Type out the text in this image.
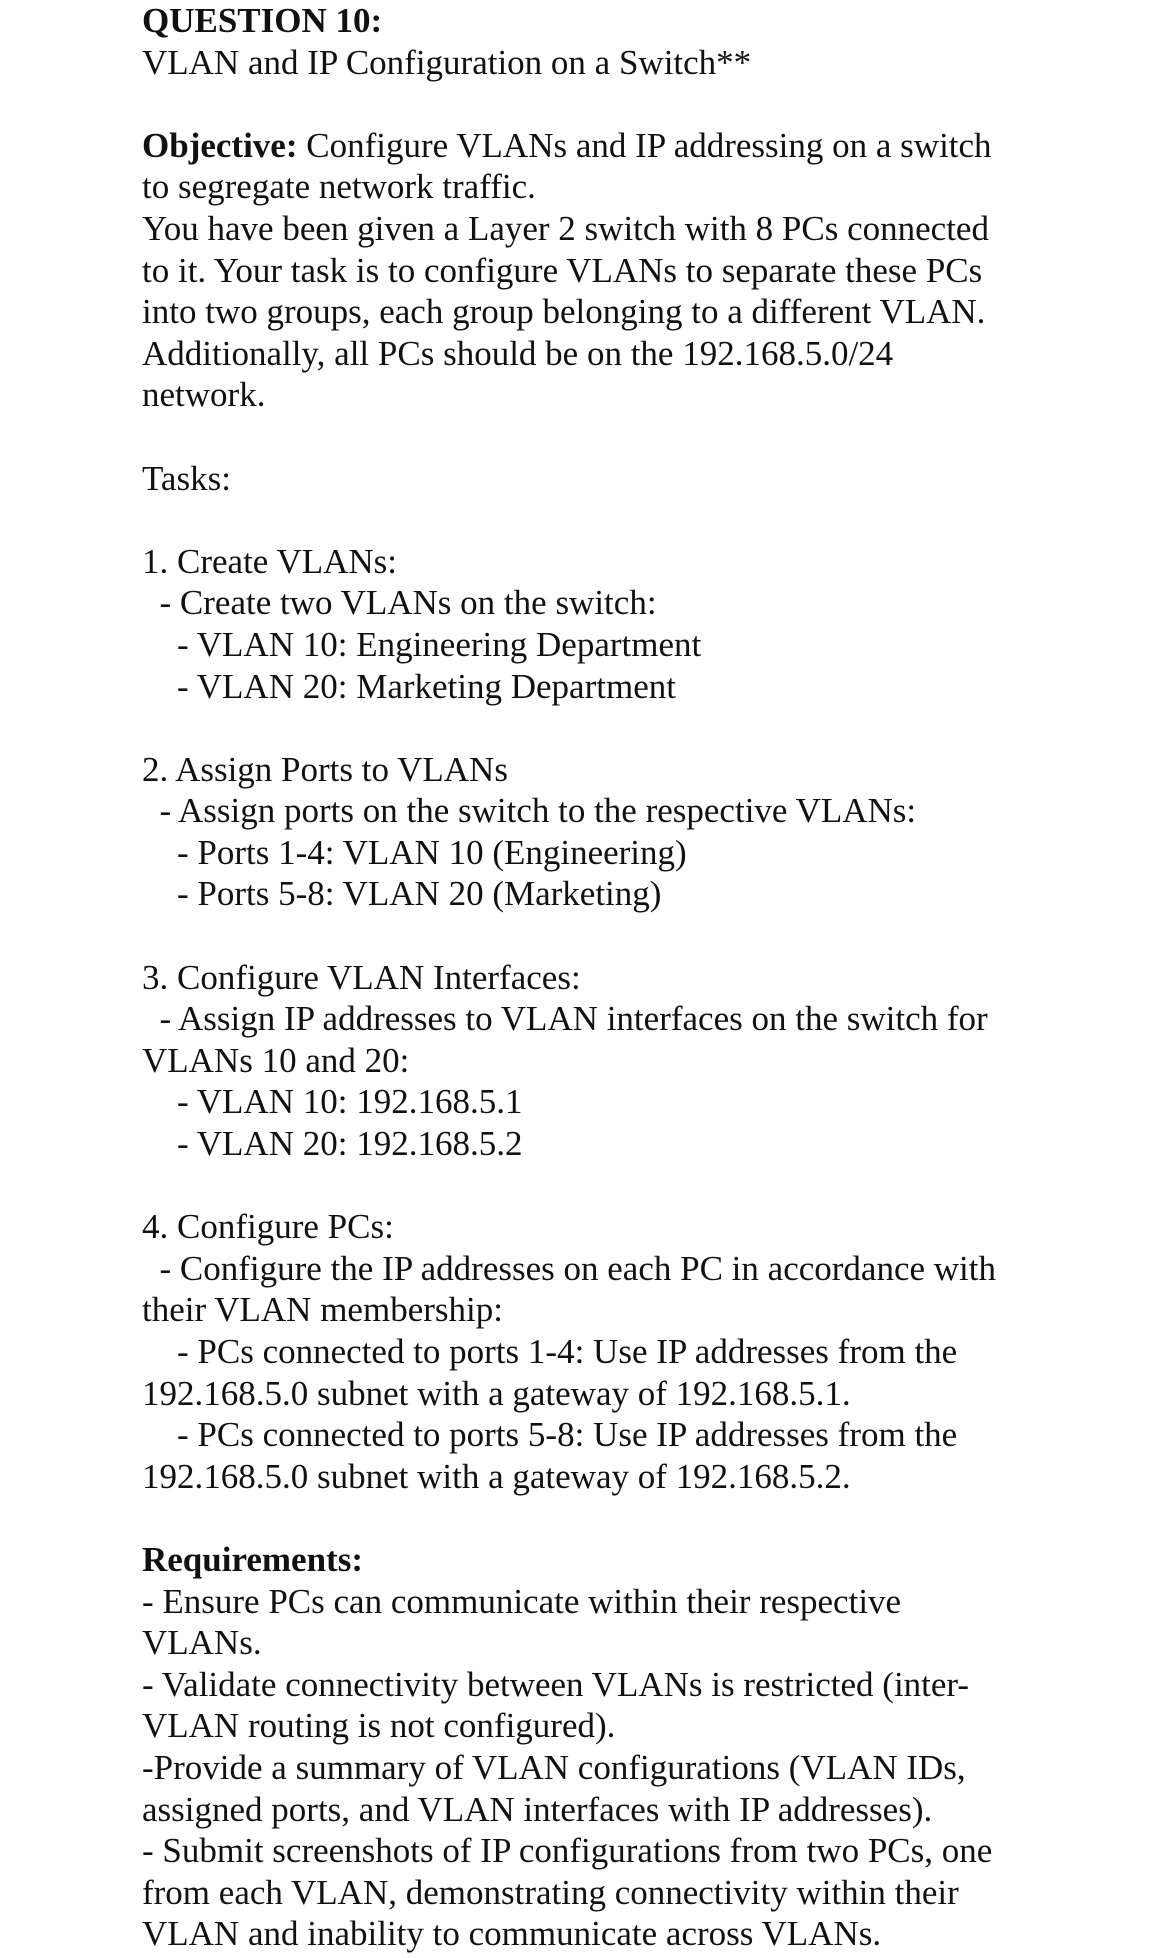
QUESTION 10:
VLAN and IP Configuration on a Switch**
Objective: Configure VLANs and IP addressing on a switch
to segregate network traffic.
You have been given a Layer 2 switch with 8 PCs connected
to it. Your task is to configure VLANs to separate these PCs
into two groups, each group belonging to a different VLAN.
Additionally, all PCs should be on the 192.168.5.0/24
network.
Tasks:
1. Create VLANs:
- Create two VLANs on the switch:
- VLAN 10: Engineering Department
- VLAN 20: Marketing Department
2. Assign Ports to VLANs
- Assign ports on the switch to the respective VLANs:
- Ports 1-4: VLAN 10 (Engineering)
- Ports 5-8: VLAN 20 (Marketing)
3. Configure VLAN Interfaces:
- Assign IP addresses to VLAN interfaces on the switch for
VLANs 10 and 20:
- VLAN 10: 192.168.5.1
- VLAN 20: 192.168.5.2
4. Configure PCs:
- Configure the IP addresses on each PC in accordance with
their VLAN membership:
- PCs connected to ports 1-4: Use IP addresses from the
192.168.5.0 subnet with a gateway of 192.168.5.1.
- PCs connected to ports 5-8: Use IP addresses from the
192.168.5.0 subnet with a gateway of 192.168.5.2.
Requirements:
- Ensure PCs can communicate within their respective
VLANs.
- Validate connectivity between VLANs is restricted (inter-
VLAN routing is not configured).
-Provide a summary of VLAN configurations (VLAN IDs,
assigned ports, and VLAN interfaces with IP addresses).
- Submit screenshots of IP configurations from two PCs, one
from each VLAN, demonstrating connectivity within their
VLAN and inability to communicate across VLANs.
